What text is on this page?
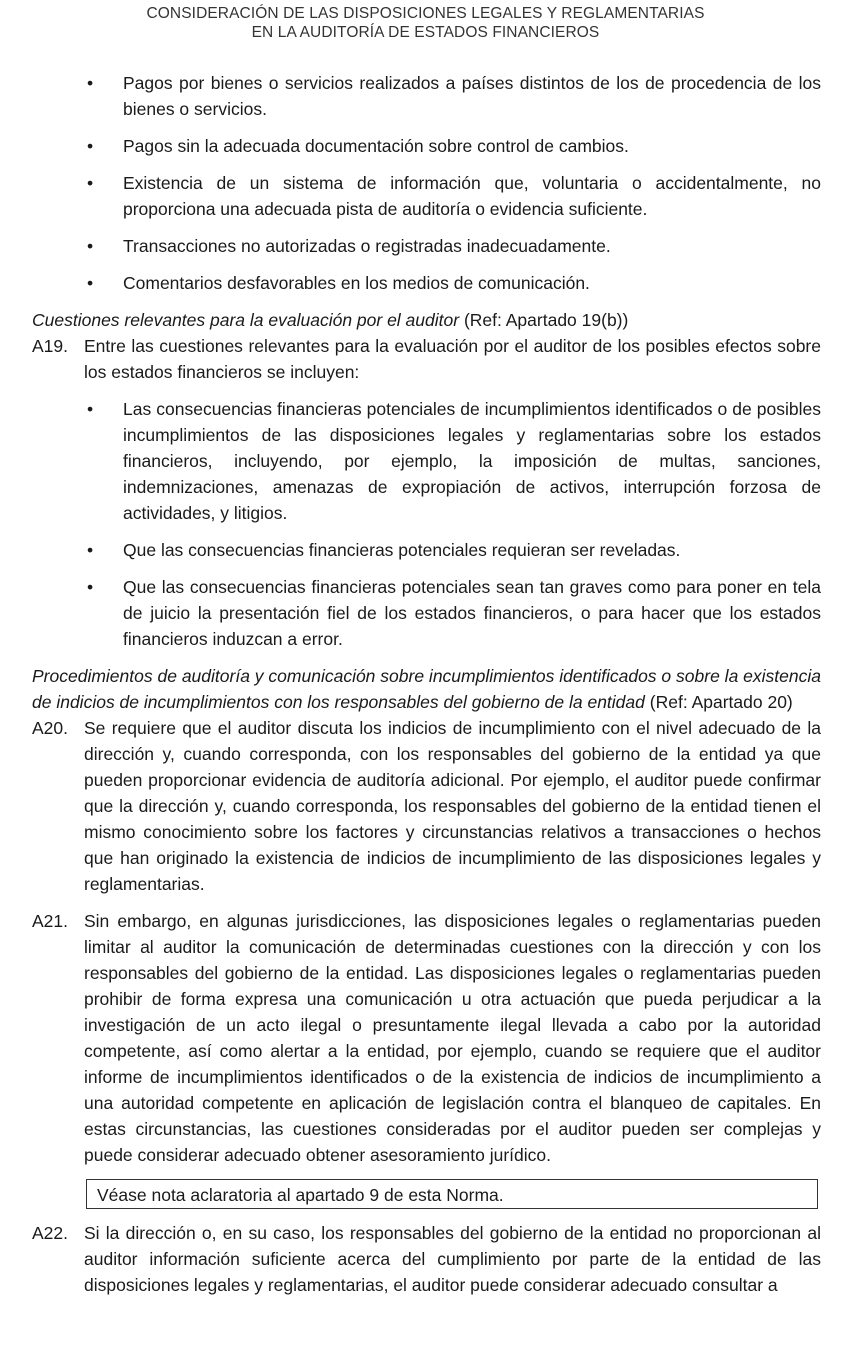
CONSIDERACIÓN DE LAS DISPOSICIONES LEGALES Y REGLAMENTARIAS
EN LA AUDITORÍA DE ESTADOS FINANCIEROS
• Pagos por bienes o servicios realizados a países distintos de los de procedencia de los bienes o servicios.
• Pagos sin la adecuada documentación sobre control de cambios.
• Existencia de un sistema de información que, voluntaria o accidentalmente, no proporciona una adecuada pista de auditoría o evidencia suficiente.
• Transacciones no autorizadas o registradas inadecuadamente.
• Comentarios desfavorables en los medios de comunicación.

Cuestiones relevantes para la evaluación por el auditor (Ref: Apartado 19(b))

A19. Entre las cuestiones relevantes para la evaluación por el auditor de los posibles efectos sobre los estados financieros se incluyen:
• Las consecuencias financieras potenciales de incumplimientos identificados o de posibles incumplimientos de las disposiciones legales y reglamentarias sobre los estados financieros, incluyendo, por ejemplo, la imposición de multas, sanciones, indemnizaciones, amenazas de expropiación de activos, interrupción forzosa de actividades, y litigios.
• Que las consecuencias financieras potenciales requieran ser reveladas.
• Que las consecuencias financieras potenciales sean tan graves como para poner en tela de juicio la presentación fiel de los estados financieros, o para hacer que los estados financieros induzcan a error.

Procedimientos de auditoría y comunicación sobre incumplimientos identificados o sobre la existencia de indicios de incumplimientos con los responsables del gobierno de la entidad (Ref: Apartado 20)

A20. Se requiere que el auditor discuta los indicios de incumplimiento con el nivel adecuado de la dirección y, cuando corresponda, con los responsables del gobierno de la entidad ya que pueden proporcionar evidencia de auditoría adicional. Por ejemplo, el auditor puede confirmar que la dirección y, cuando corresponda, los responsables del gobierno de la entidad tienen el mismo conocimiento sobre los factores y circunstancias relativos a transacciones o hechos que han originado la existencia de indicios de incumplimiento de las disposiciones legales y reglamentarias.
A21. Sin embargo, en algunas jurisdicciones, las disposiciones legales o reglamentarias pueden limitar al auditor la comunicación de determinadas cuestiones con la dirección y con los responsables del gobierno de la entidad. Las disposiciones legales o reglamentarias pueden prohibir de forma expresa una comunicación u otra actuación que pueda perjudicar a la investigación de un acto ilegal o presuntamente ilegal llevada a cabo por la autoridad competente, así como alertar a la entidad, por ejemplo, cuando se requiere que el auditor informe de incumplimientos identificados o de la existencia de indicios de incumplimiento a una autoridad competente en aplicación de legislación contra el blanqueo de capitales. En estas circunstancias, las cuestiones consideradas por el auditor pueden ser complejas y puede considerar adecuado obtener asesoramiento jurídico.
Véase nota aclaratoria al apartado 9 de esta Norma.
A22. Si la dirección o, en su caso, los responsables del gobierno de la entidad no proporcionan al auditor información suficiente acerca del cumplimiento por parte de la entidad de las disposiciones legales y reglamentarias, el auditor puede considerar adecuado consultar a
